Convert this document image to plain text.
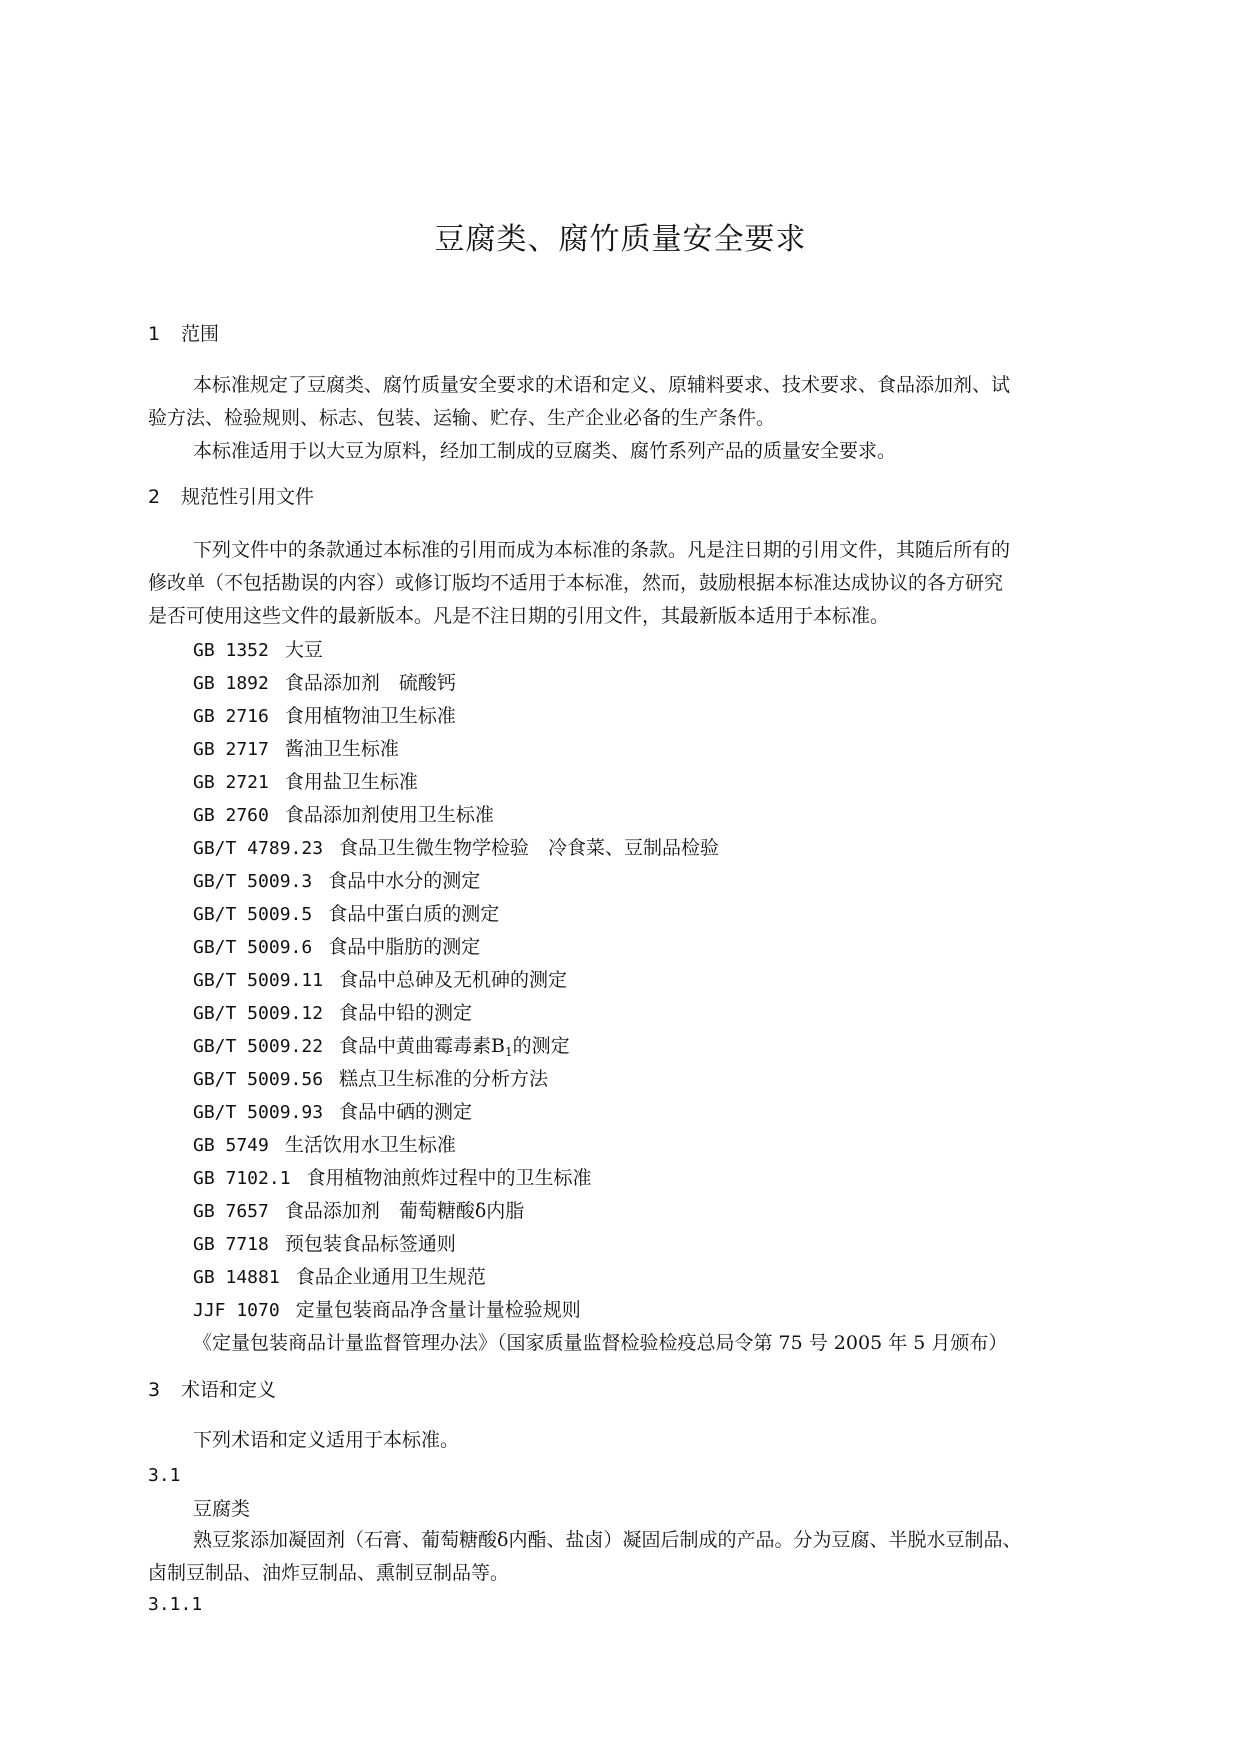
豆腐类、腐竹质量安全要求
1 范围
本标准规定了豆腐类、腐竹质量安全要求的术语和定义、原辅料要求、技术要求、食品添加剂、试
验方法、检验规则、标志、包装、运输、贮存、生产企业必备的生产条件。
本标准适用于以大豆为原料，经加工制成的豆腐类、腐竹系列产品的质量安全要求。
2 规范性引用文件
下列文件中的条款通过本标准的引用而成为本标准的条款。凡是注日期的引用文件，其随后所有的
修改单（不包括勘误的内容）或修订版均不适用于本标准，然而，鼓励根据本标准达成协议的各方研究
是否可使用这些文件的最新版本。凡是不注日期的引用文件，其最新版本适用于本标准。
GB 1352 大豆
GB 1892 食品添加剂　硫酸钙
GB 2716 食用植物油卫生标准
GB 2717 酱油卫生标准
GB 2721 食用盐卫生标准
GB 2760 食品添加剂使用卫生标准
GB/T 4789.23 食品卫生微生物学检验　冷食菜、豆制品检验
GB/T 5009.3 食品中水分的测定
GB/T 5009.5 食品中蛋白质的测定
GB/T 5009.6 食品中脂肪的测定
GB/T 5009.11 食品中总砷及无机砷的测定
GB/T 5009.12 食品中铅的测定
GB/T 5009.22 食品中黄曲霉毒素$B_1$的测定
GB/T 5009.56 糕点卫生标准的分析方法
GB/T 5009.93 食品中硒的测定
GB 5749 生活饮用水卫生标准
GB 7102.1 食用植物油煎炸过程中的卫生标准
GB 7657 食品添加剂　葡萄糖酸δ内脂
GB 7718 预包装食品标签通则
GB 14881 食品企业通用卫生规范
JJF 1070 定量包装商品净含量计量检验规则
《定量包装商品计量监督管理办法》（国家质量监督检验检疫总局令第 75 号 2005 年 5 月颁布）
3 术语和定义
下列术语和定义适用于本标准。
3.1
豆腐类
熟豆浆添加凝固剂（石膏、葡萄糖酸δ内酯、盐卤）凝固后制成的产品。分为豆腐、半脱水豆制品、
卤制豆制品、油炸豆制品、熏制豆制品等。
3.1.1
